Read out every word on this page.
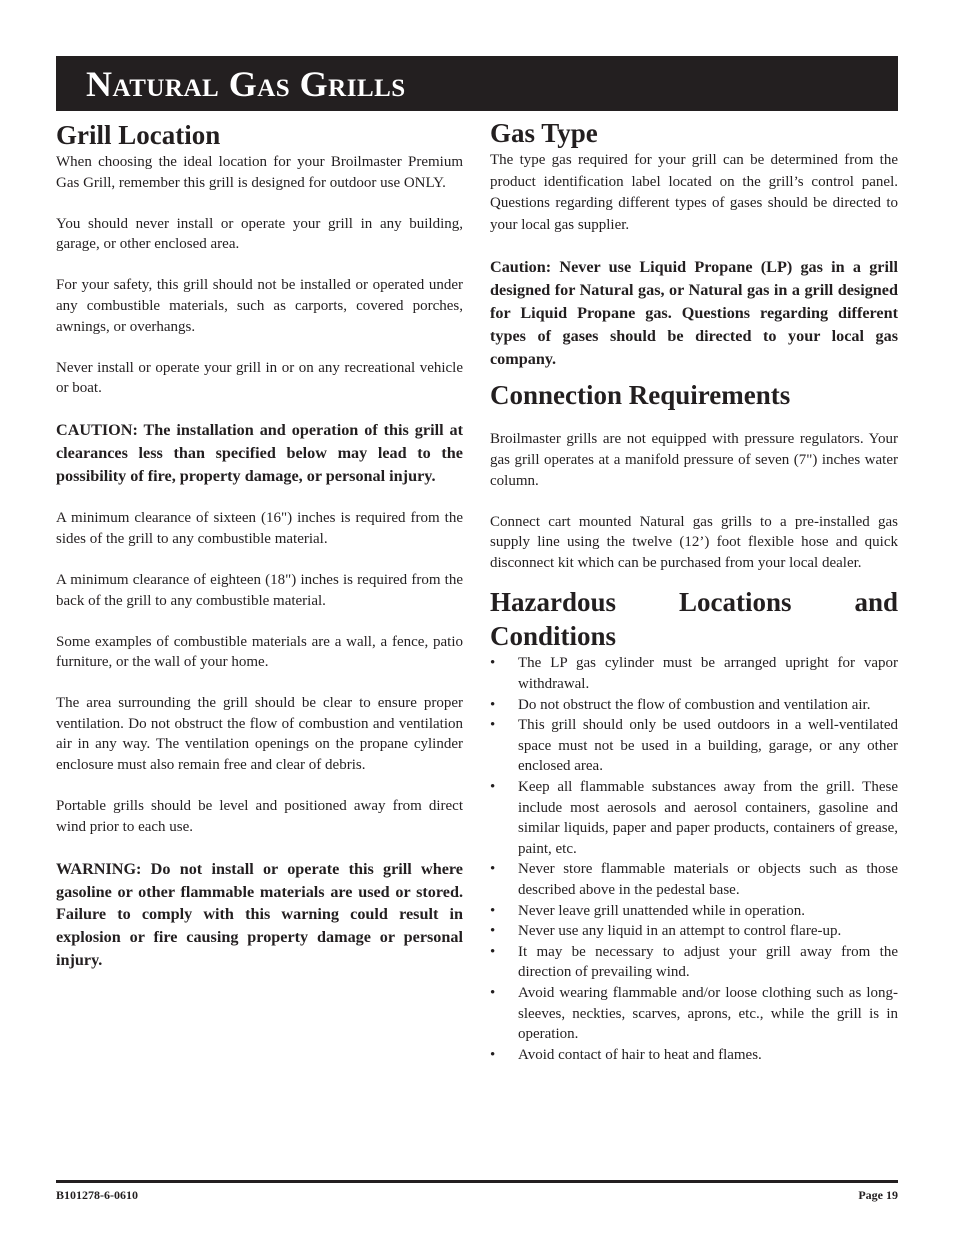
Natural Gas Grills
Grill Location

When choosing the ideal location for your Broilmaster Premium Gas Grill, remember this grill is designed for outdoor use ONLY.

You should never install or operate your grill in any building, garage, or other enclosed area.

For your safety, this grill should not be installed or operated under any combustible materials, such as carports, covered porches, awnings, or overhangs.

Never install or operate your grill in or on any recreational vehicle or boat.

CAUTION: The installation and operation of this grill at clearances less than specified below may lead to the possibility of fire, property damage, or personal injury.

A minimum clearance of sixteen (16") inches is required from the sides of the grill to any combustible material.

A minimum clearance of eighteen (18") inches is required from the back of the grill to any combustible material.

Some examples of combustible materials are a wall, a fence, patio furniture, or the wall of your home.

The area surrounding the grill should be clear to ensure proper ventilation. Do not obstruct the flow of combustion and ventilation air in any way. The ventilation openings on the propane cylinder enclosure must also remain free and clear of debris.

Portable grills should be level and positioned away from direct wind prior to each use.

WARNING: Do not install or operate this grill where gasoline or other flammable materials are used or stored. Failure to comply with this warning could result in explosion or fire causing property damage or personal injury.

Gas Type

The type gas required for your grill can be determined from the product identification label located on the grill’s control panel. Questions regarding different types of gases should be directed to your local gas supplier.

Caution: Never use Liquid Propane (LP) gas in a grill designed for Natural gas, or Natural gas in a grill designed for Liquid Propane gas. Questions regarding different types of gases should be directed to your local gas company.

Connection Requirements

Broilmaster grills are not equipped with pressure regulators. Your gas grill operates at a manifold pressure of seven (7") inches water column.

Connect cart mounted Natural gas grills to a pre-installed gas supply line using the twelve (12’) foot flexible hose and quick disconnect kit which can be purchased from your local dealer.

Hazardous Locations and Conditions
•	The LP gas cylinder must be arranged upright for vapor withdrawal.
•	Do not obstruct the flow of combustion and ventilation air.
•	This grill should only be used outdoors in a well-ventilated space must not be used in a building, garage, or any other enclosed area.
•	Keep all flammable substances away from the grill. These include most aerosols and aerosol containers, gasoline and similar liquids, paper and paper products, containers of grease, paint, etc.
•	Never store flammable materials or objects such as those described above in the pedestal base.
•	Never leave grill unattended while in operation.
•	Never use any liquid in an attempt to control flare-up.
•	It may be necessary to adjust your grill away from the direction of prevailing wind.
•	Avoid wearing flammable and/or loose clothing such as long-sleeves, neckties, scarves, aprons, etc., while the grill is in operation.
•	Avoid contact of hair to heat and flames.
B101278-6-0610	Page 19
